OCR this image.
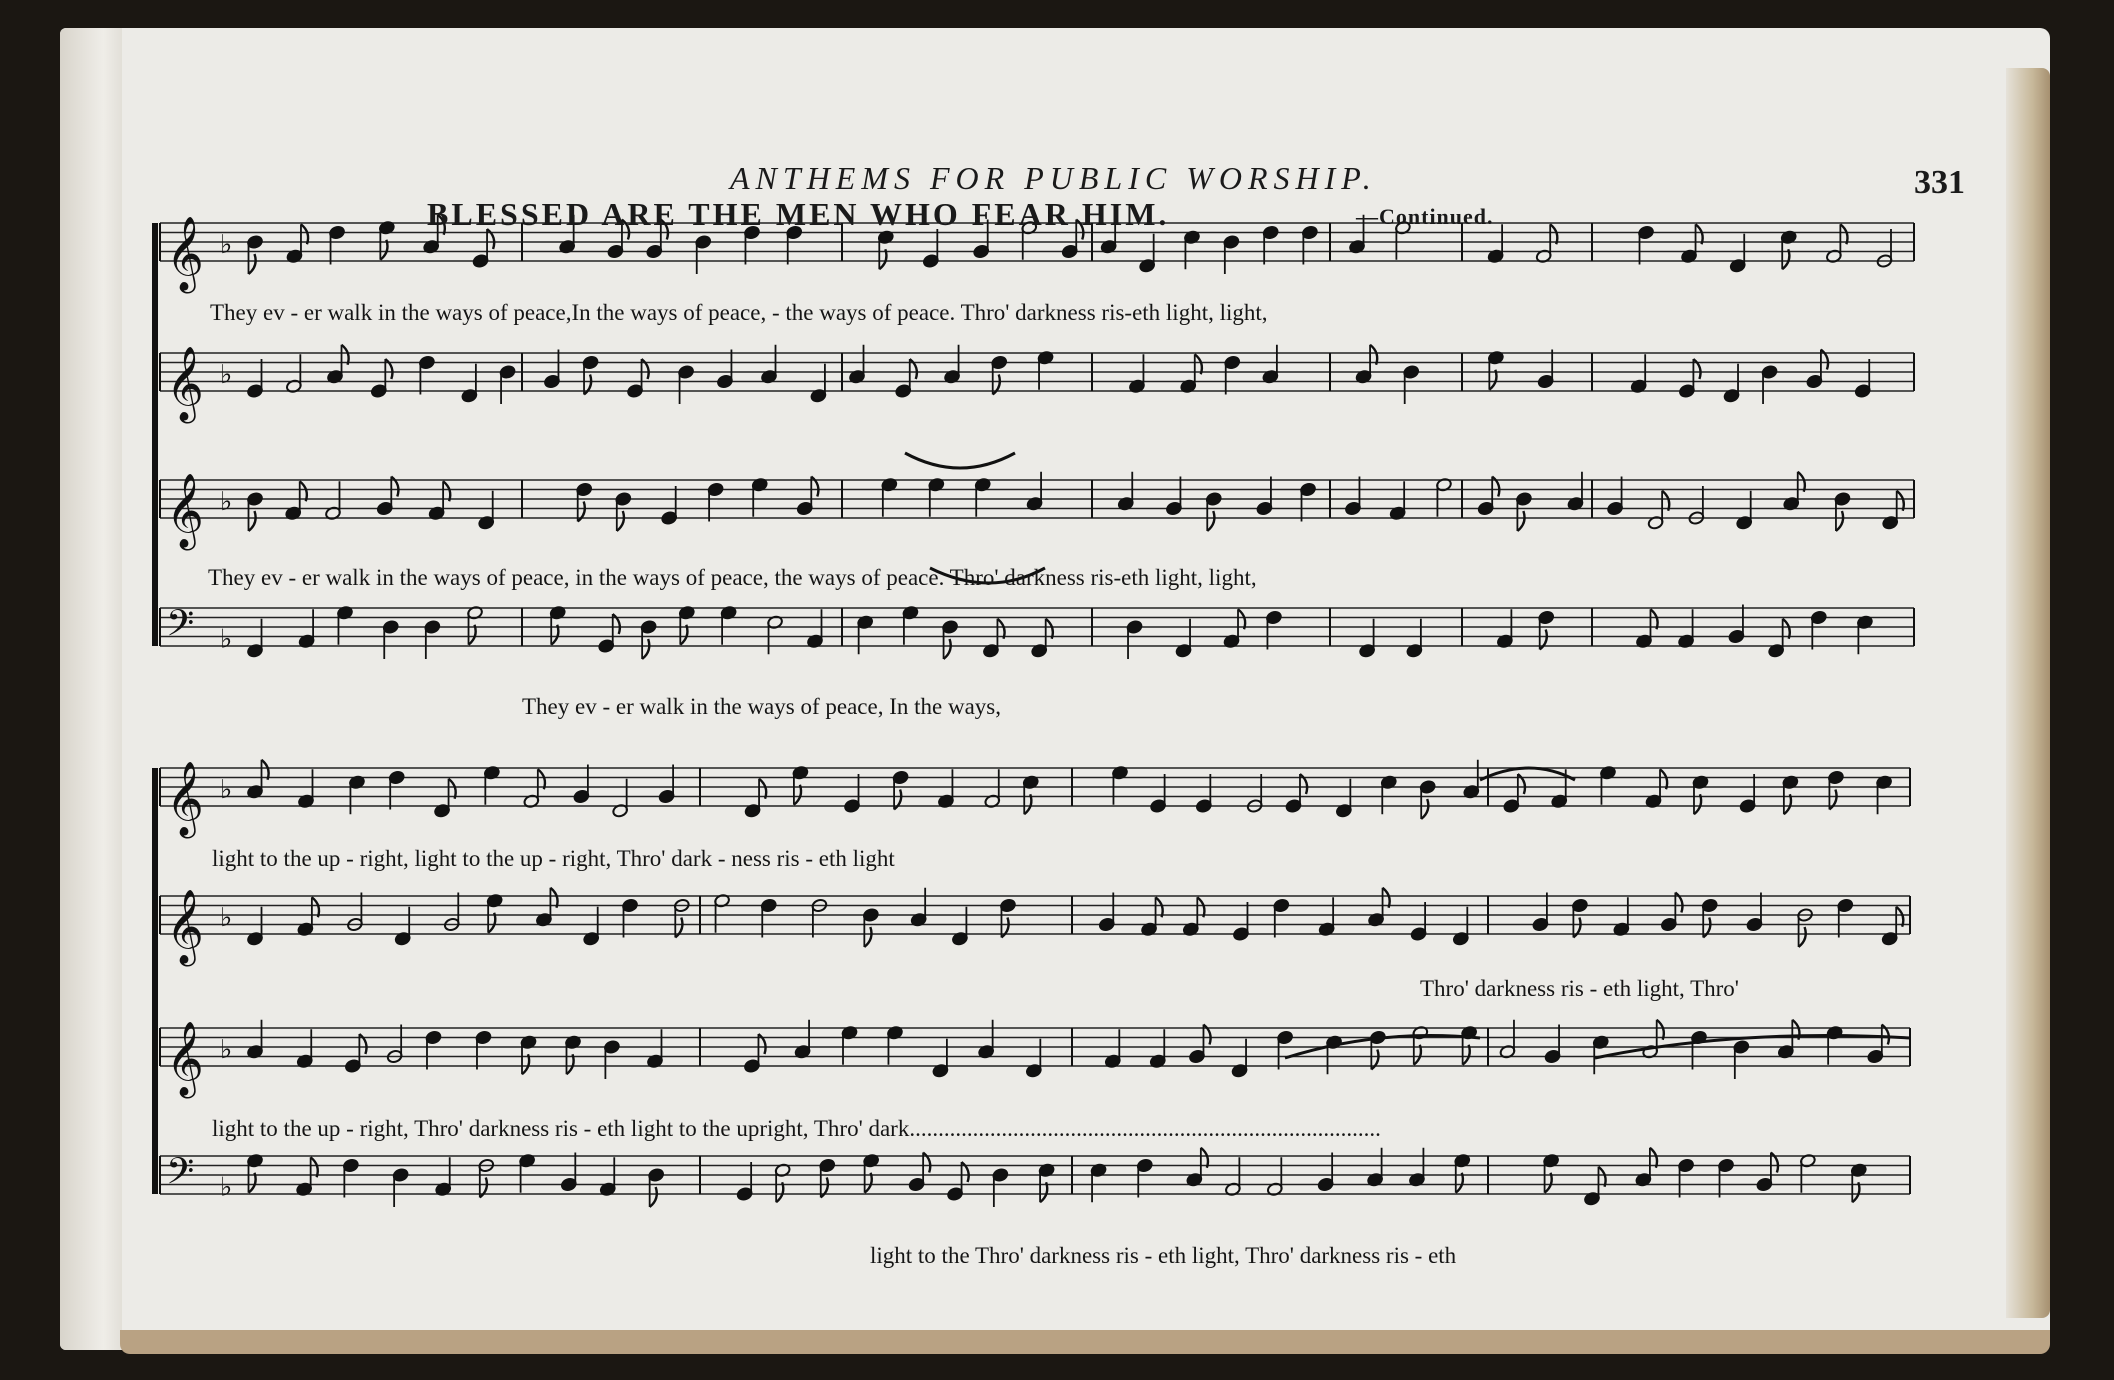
𝄞 ♭
𝄞 ♭
𝄞 ♭
𝄢 ♭
𝄞 ♭
𝄞 ♭
𝄞 ♭
𝄢 ♭
ANTHEMS FOR PUBLIC WORSHIP.
BLESSED ARE THE MEN WHO FEAR HIM.	—Continued.
331
They ev - er walk in the ways of peace,In the ways of peace, - the ways of peace. Thro' darkness ris-eth light, light,
They ev - er walk in the ways of peace, in the ways of peace, the ways of peace. Thro' darkness ris-eth light, light,
They ev - er walk in the ways of peace, In the ways,
light to the up - right, light to the up - right, Thro' dark - ness ris - eth light
Thro' darkness ris - eth light, Thro'
light to the up - right, Thro' darkness ris - eth light to the upright, Thro' dark..................................................................................
light to the Thro' darkness ris - eth light, Thro' darkness ris - eth
